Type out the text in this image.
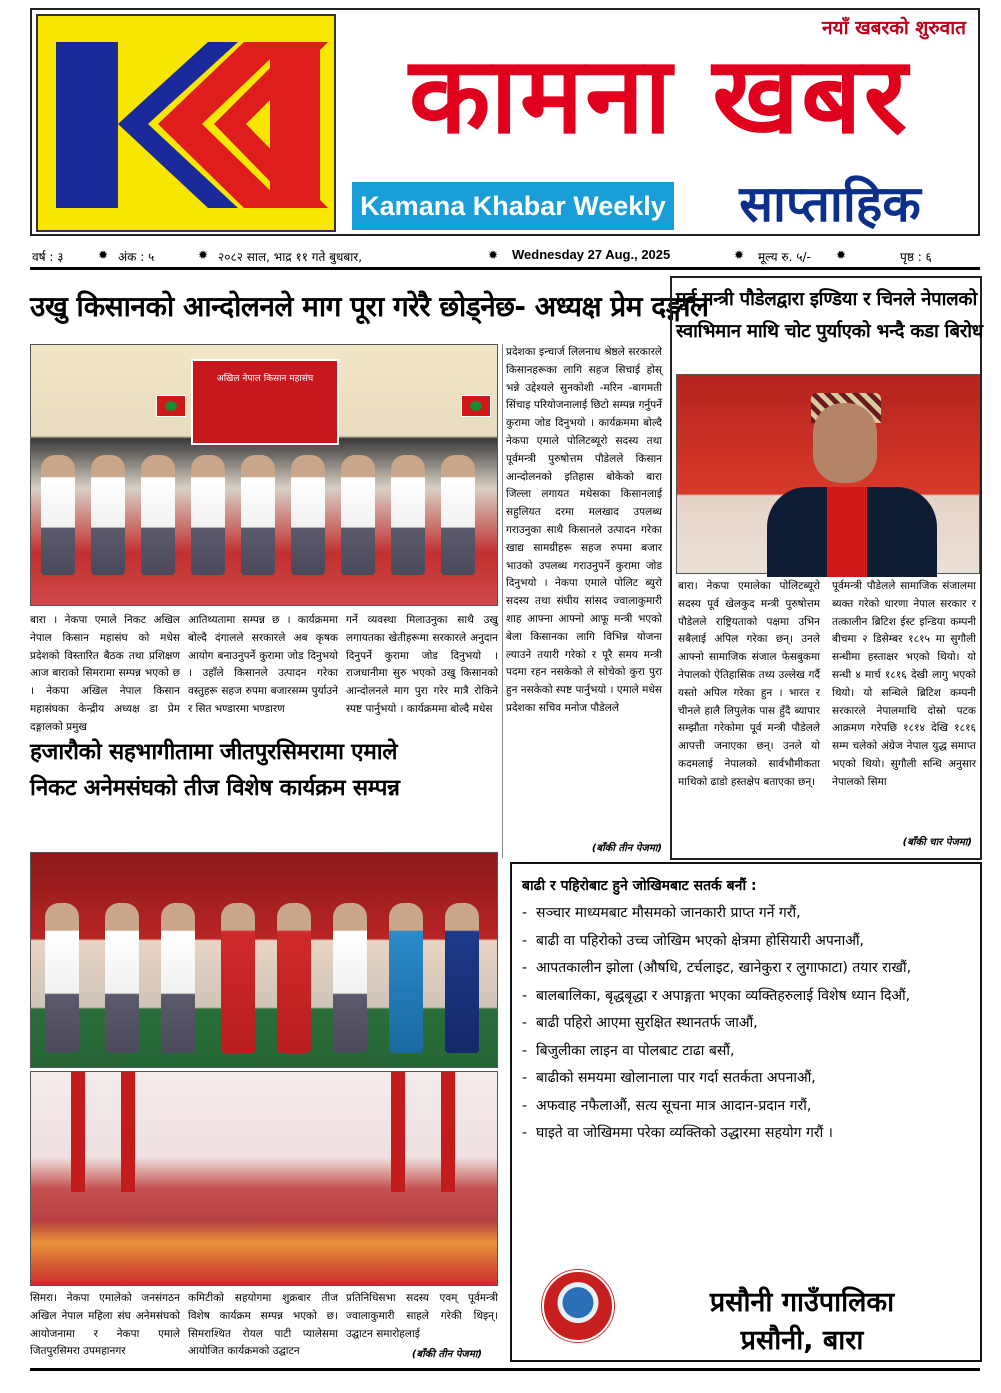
नयाँ खबरको शुरुवात
कामना खबर
Kamana Khabar Weekly	साप्ताहिक
वर्ष : ३	✹ अंक : ५	✹ २०८२ साल, भाद्र ११ गते बुधबार,	✹ Wednesday 27 Aug., 2025	✹ मूल्य रु. ५/- ✹	पृष्ठ : ६
उखु किसानको आन्दोलनले माग पूरा गरेरै छोड्नेछ- अध्यक्ष प्रेम दङ्गाल
अखिल नेपाल किसान महासंघ
बारा । नेकपा एमाले निकट अखिल नेपाल किसान महासंघ को मधेस प्रदेशको विस्तारित बैठक तथा प्रशिक्षण आज बाराको सिमरामा सम्पन्न भएको छ । नेकपा अखिल नेपाल किसान महासंघका केन्द्रीय अध्यक्ष डा प्रेम दङ्गालको प्रमुख
आतिथ्यतामा सम्पन्न छ । कार्यक्रममा बोल्दै दंगालले सरकारले अब कृषक आयोग बनाउनुपर्ने कुरामा जोड दिनुभयो । उहाँले किसानले उत्पादन गरेका वस्तुहरू सहज रुपमा बजारसम्म पुर्याउने र सित भण्डारमा भण्डारण
गर्ने व्यवस्था मिलाउनुका साथै उखु लगायतका खेतीहरूमा सरकारले अनुदान दिनुपर्ने कुरामा जोड दिनुभयो । राजधानीमा सुरु भएको उखु किसानको आन्दोलनले माग पुरा गरेर मात्रै रोकिने स्पष्ट पार्नुभयो । कार्यक्रममा बोल्दै मधेस
प्रदेशका इन्चार्ज लिलनाथ श्रेष्ठले सरकारले किसानहरूका लागि सहज सिचाई होस् भन्ने उद्देश्यले सुनकोशी -मरिन -बागमती सिंचाइ परियोजनालाई छिटो सम्पन्न गर्नुपर्ने कुरामा जोड दिनुभयो । कार्यक्रममा बोल्दै नेकपा एमाले पोलिटब्यूरो सदस्य तथा पूर्वमन्त्री पुरुषोत्तम पौडेलले किसान आन्दोलनको इतिहास बोकेको बारा जिल्ला लगायत मधेसका किसानलाई सहुलियत दरमा मलखाद उपलब्ध गराउनुका साथै किसानले उत्पादन गरेका खाद्य सामग्रीहरू सहज रुपमा बजार भाउको उपलब्ध गराउनुपर्ने कुरामा जोड दिनुभयो । नेकपा एमाले पोलिट ब्युरो सदस्य तथा संघीय सांसद ज्वालाकुमारी शाह आफ्ना आफ्नो आफू मन्त्री भएको बेला किसानका लागि विभिन्न योजना ल्याउने तयारी गरेको र पूरै समय मन्त्री पदमा रहन नसकेको ले सोचेको कुरा पुरा हुन नसकेको स्पष्ट पार्नुभयो । एमाले मधेस प्रदेशका सचिव मनोज पौडेलले
(बाँकी तीन पेजमा)
हजारौको सहभागीतामा जीतपुरसिमरामा एमाले
निकट अनेमसंघको तीज विशेष कार्यक्रम सम्पन्न
सिमरा। नेकपा एमालेको जनसंगठन अखिल नेपाल महिला संघ अनेमसंघको आयोजनामा र नेकपा एमाले जितपुरसिमरा उपमहानगर
कमिटीको सहयोगमा शुक्रबार तीज विशेष कार्यक्रम सम्पन्न भएको छ। सिमराश्थित रोयल पाटी प्यालेसमा आयोजित कार्यक्रमको उद्घाटन
प्रतिनिधिसभा सदस्य एवम् पूर्वमन्त्री ज्वालाकुमारी साहले गरेकी थिइन्। उद्घाटन समारोहलाई
(बाँकी तीन पेजमा)
पुर्व मन्त्री पौडेलद्वारा इण्डिया र चिनले नेपालको
स्वाभिमान माथि चोट पुर्याएको भन्दै कडा बिरोध
बारा। नेकपा एमालेका पोलिटब्यूरो सदस्य पूर्व खेलकुद मन्त्री पुरुषोत्तम पौडेलले राष्ट्रियताको पक्षमा उभिन सबैलाई अपिल गरेका छन्। उनले आफ्नो सामाजिक संजाल फेसबुकमा नेपालको ऐतिहासिक तथ्य उल्लेख गर्दै यस्तो अपिल गरेका हुन । भारत र चीनले हालै लिपुलेक पास हुँदै ब्यापार सम्झौता गरेकोमा पूर्व मन्त्री पौडेलले आपत्ती जनाएका छन्। उनले यो कदमलाई नेपालको सार्वभौमीकता माथिको ढाडो हस्तक्षेप बताएका छन्।
पूर्वमन्त्री पौडेलले सामाजिक संजालमा ब्यक्त गरेको धारणा नेपाल सरकार र तत्कालीन ब्रिटिश ईस्ट इन्डिया कम्पनी बीचमा २ डिसेम्बर १८१५ मा सुगौली सन्धीमा हस्ताक्षर भएको थियो। यो सन्धी ४ मार्च १८१६ देखी लागु भएको थियो। यो सन्धिले ब्रिटिश कम्पनी सरकारले नेपालमाथि दोस्रो पटक आक्रमण गरेपछि १८१४ देखि १८१६ सम्म चलेको अंग्रेज नेपाल युद्ध समाप्त भएको थियो। सुगौली सन्धि अनुसार नेपालको सिमा
(बाँकी चार पेजमा)
बाढी र पहिरोबाट हुने जोखिमबाट सतर्क बनौं :
- सञ्चार माध्यमबाट मौसमको जानकारी प्राप्त गर्ने गरौं,
- बाढी वा पहिरोको उच्च जोखिम भएको क्षेत्रमा होसियारी अपनाऔं,
- आपतकालीन झोला (औषधि, टर्चलाइट, खानेकुरा र लुगाफाटा) तयार राखौं,
- बालबालिका, बृद्धबृद्धा र अपाङ्गता भएका व्यक्तिहरुलाई विशेष ध्यान दिऔं,
- बाढी पहिरो आएमा सुरक्षित स्थानतर्फ जाऔं,
- बिजुलीका लाइन वा पोलबाट टाढा बसौं,
- बाढीको समयमा खोलानाला पार गर्दा सतर्कता अपनाऔं,
- अफवाह नफैलाऔं, सत्य सूचना मात्र आदान-प्रदान गरौं,
- घाइते वा जोखिममा परेका व्यक्तिको उद्धारमा सहयोग गरौं ।
प्रसौनी गाउँपालिका
प्रसौनी, बारा
